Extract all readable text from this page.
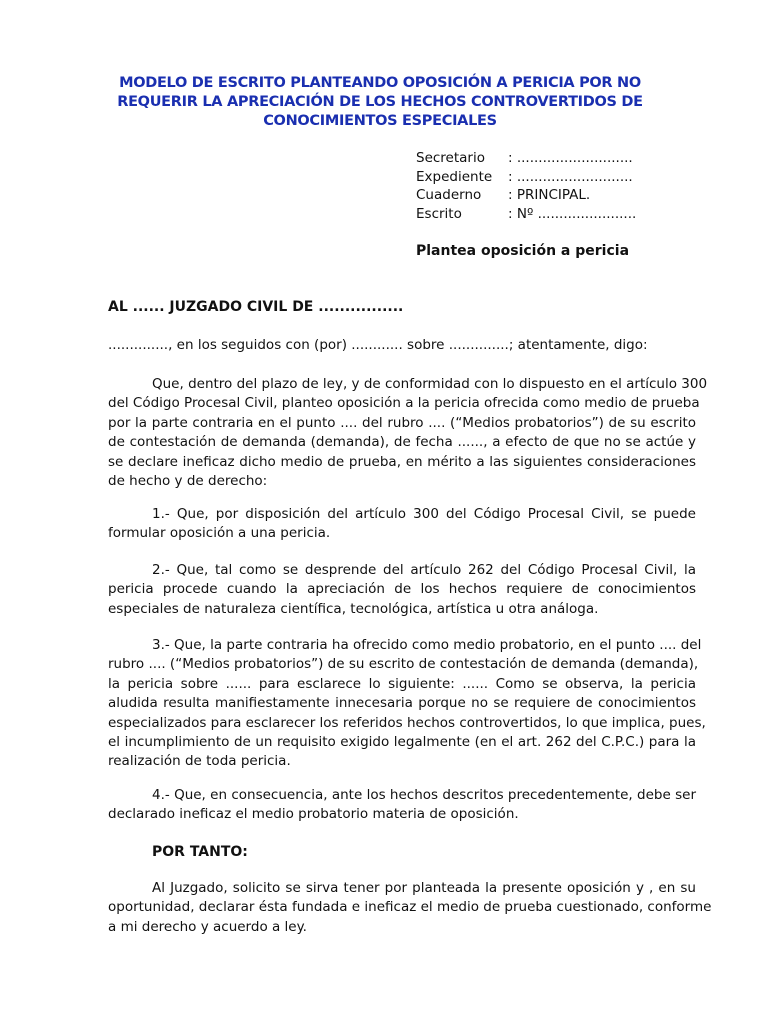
MODELO DE ESCRITO PLANTEANDO OPOSICIÓN A PERICIA POR NO
REQUERIR LA APRECIACIÓN DE LOS HECHOS CONTROVERTIDOS DE
CONOCIMIENTOS ESPECIALES
Secretario	: ...........................
Expediente	: ...........................
Cuaderno	: PRINCIPAL.
Escrito	: Nº .......................
Plantea oposición a pericia
AL ...... JUZGADO CIVIL DE ................
.............., en los seguidos con (por) ............ sobre ..............; atentamente, digo:
Que, dentro del plazo de ley, y de conformidad con lo dispuesto en el artículo 300
del Código Procesal Civil, planteo oposición a la pericia ofrecida como medio de prueba
por la parte contraria en el punto .... del rubro .... (“Medios probatorios”) de su escrito
de contestación de demanda (demanda), de fecha ......, a efecto de que no se actúe y
se declare ineficaz dicho medio de prueba, en mérito a las siguientes consideraciones
de hecho y de derecho:
1.- Que, por disposición del artículo 300 del Código Procesal Civil, se puede
formular oposición a una pericia.
2.- Que, tal como se desprende del artículo 262 del Código Procesal Civil, la
pericia procede cuando la apreciación de los hechos requiere de conocimientos
especiales de naturaleza científica, tecnológica, artística u otra análoga.
3.- Que, la parte contraria ha ofrecido como medio probatorio, en el punto .... del
rubro .... (“Medios probatorios”) de su escrito de contestación de demanda (demanda),
la pericia sobre ...... para esclarece lo siguiente: ...... Como se observa, la pericia
aludida resulta manifiestamente innecesaria porque no se requiere de conocimientos
especializados para esclarecer los referidos hechos controvertidos, lo que implica, pues,
el incumplimiento de un requisito exigido legalmente (en el art. 262 del C.P.C.) para la
realización de toda pericia.
4.- Que, en consecuencia, ante los hechos descritos precedentemente, debe ser
declarado ineficaz el medio probatorio materia de oposición.
POR TANTO:
Al Juzgado, solicito se sirva tener por planteada la presente oposición y , en su
oportunidad, declarar ésta fundada e ineficaz el medio de prueba cuestionado, conforme
a mi derecho y acuerdo a ley.
